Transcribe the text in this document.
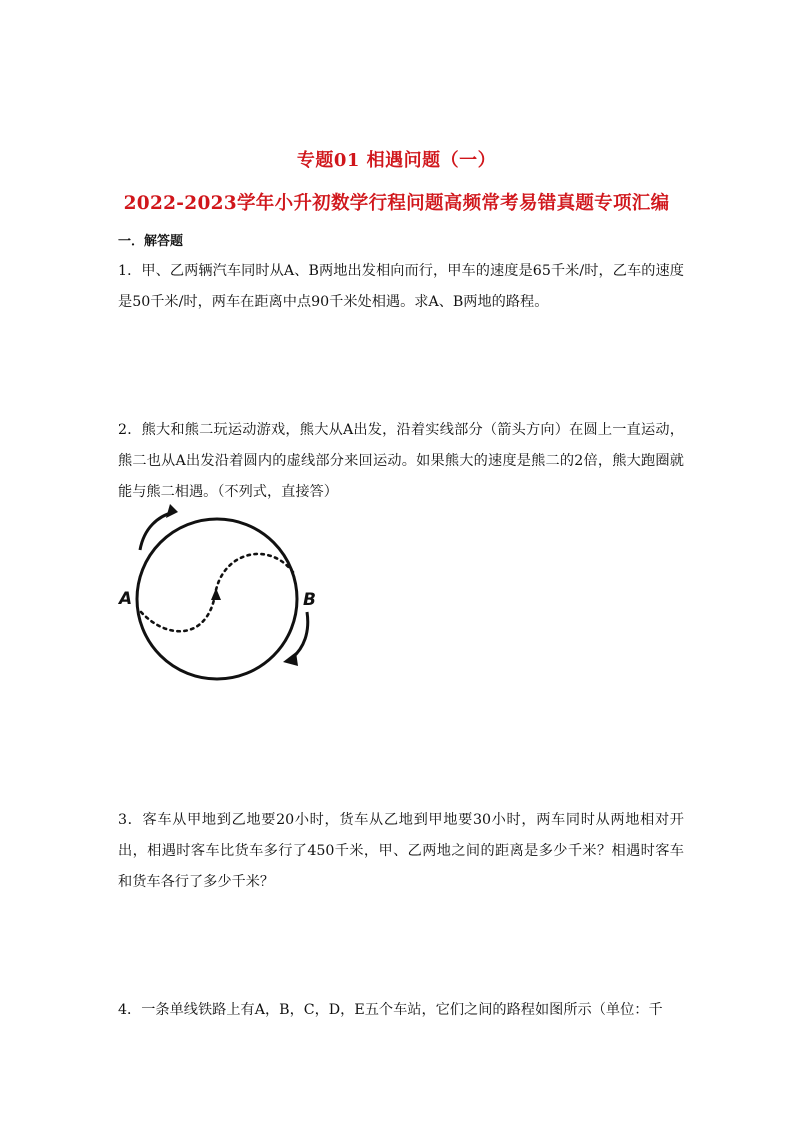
专题01 相遇问题（一）
2022-2023学年小升初数学行程问题高频常考易错真题专项汇编
一．解答题
1．甲、乙两辆汽车同时从A、B两地出发相向而行，甲车的速度是65千米/时，乙车的速度是50千米/时，两车在距离中点90千米处相遇。求A、B两地的路程。
2．熊大和熊二玩运动游戏，熊大从A出发，沿着实线部分（箭头方向）在圆上一直运动，熊二也从A出发沿着圆内的虚线部分来回运动。如果熊大的速度是熊二的2倍，熊大跑圈就能与熊二相遇。（不列式，直接答）
A	B
3．客车从甲地到乙地要20小时，货车从乙地到甲地要30小时，两车同时从两地相对开出，相遇时客车比货车多行了450千米，甲、乙两地之间的距离是多少千米？相遇时客车和货车各行了多少千米？
4．一条单线铁路上有A，B，C，D，E五个车站，它们之间的路程如图所示（单位：千
